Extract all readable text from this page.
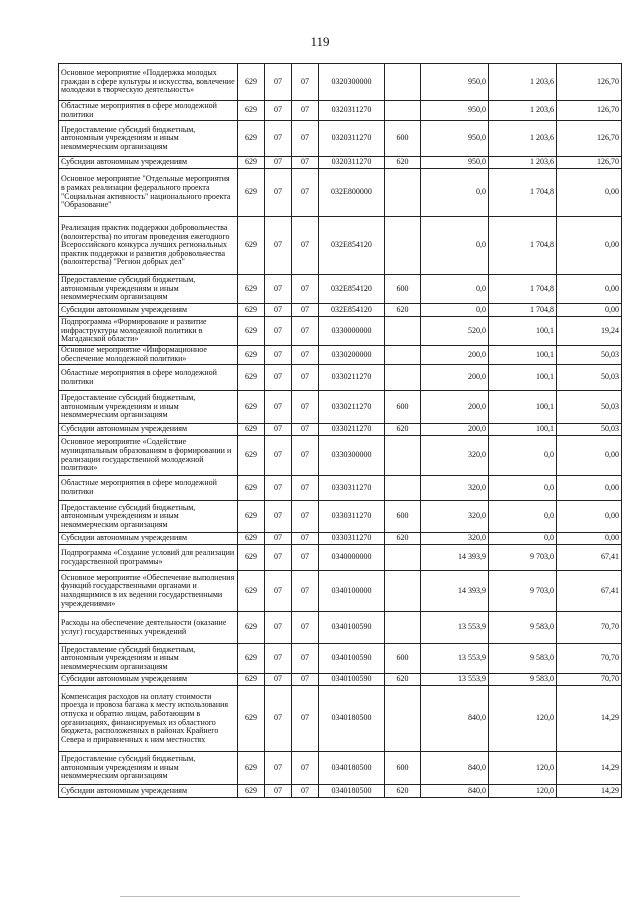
119
Основное мероприятие «Поддержка молодых граждан в сфере культуры и искусства, вовлечение молодежи в творческую деятельность»	629	07	07	0320300000		950,0	1 203,6	126,70
Областные мероприятия в сфере молодежной политики	629	07	07	0320311270		950,0	1 203,6	126,70
Предоставление субсидий бюджетным, автономным учреждениям и иным некоммерческим организациям	629	07	07	0320311270	600	950,0	1 203,6	126,70
Субсидии автономным учреждениям	629	07	07	0320311270	620	950,0	1 203,6	126,70
Основное мероприятие "Отдельные мероприятия в рамках реализации федерального проекта "Социальная активность" национального проекта "Образование"	629	07	07	032E800000		0,0	1 704,8	0,00
Реализация практик поддержки добровольчества (волонтерства) по итогам проведения ежегодного Всероссийского конкурса лучших региональных практик поддержки и развития добровольчества (волонтерства) "Регион добрых дел"	629	07	07	032E854120		0,0	1 704,8	0,00
Предоставление субсидий бюджетным, автономным учреждениям и иным некоммерческим организациям	629	07	07	032E854120	600	0,0	1 704,8	0,00
Субсидии автономным учреждениям	629	07	07	032E854120	620	0,0	1 704,8	0,00
Подпрограмма «Формирование и развитие инфраструктуры молодежной политики в Магаданской области»	629	07	07	0330000000		520,0	100,1	19,24
Основное мероприятие «Информационное обеспечение молодежной политики»	629	07	07	0330200000		200,0	100,1	50,03
Областные мероприятия в сфере молодежной политики	629	07	07	0330211270		200,0	100,1	50,03
Предоставление субсидий бюджетным, автономным учреждениям и иным некоммерческим организациям	629	07	07	0330211270	600	200,0	100,1	50,03
Субсидии автономным учреждениям	629	07	07	0330211270	620	200,0	100,1	50,03
Основное мероприятие «Содействие муниципальным образованиям в формировании и реализации государственной молодежной политики»	629	07	07	0330300000		320,0	0,0	0,00
Областные мероприятия в сфере молодежной политики	629	07	07	0330311270		320,0	0,0	0,00
Предоставление субсидий бюджетным, автономным учреждениям и иным некоммерческим организациям	629	07	07	0330311270	600	320,0	0,0	0,00
Субсидии автономным учреждениям	629	07	07	0330311270	620	320,0	0,0	0,00
Подпрограмма «Создание условий для реализации государственной программы»	629	07	07	0340000000		14 393,9	9 703,0	67,41
Основное мероприятие «Обеспечение выполнения функций государственными органами и находящимися в их ведении государственными учреждениями»	629	07	07	0340100000		14 393,9	9 703,0	67,41
Расходы на обеспечение деятельности (оказание услуг) государственных учреждений	629	07	07	0340100590		13 553,9	9 583,0	70,70
Предоставление субсидий бюджетным, автономным учреждениям и иным некоммерческим организациям	629	07	07	0340100590	600	13 553,9	9 583,0	70,70
Субсидии автономным учреждениям	629	07	07	0340100590	620	13 553,9	9 583,0	70,70
Компенсация расходов на оплату стоимости проезда и провоза багажа к месту использования отпуска и обратно лицам, работающим в организациях, финансируемых из областного бюджета, расположенных в районах Крайнего Севера и приравненных к ним местностях	629	07	07	0340180500		840,0	120,0	14,29
Предоставление субсидий бюджетным, автономным учреждениям и иным некоммерческим организациям	629	07	07	0340180500	600	840,0	120,0	14,29
Субсидии автономным учреждениям	629	07	07	0340180500	620	840,0	120,0	14,29
